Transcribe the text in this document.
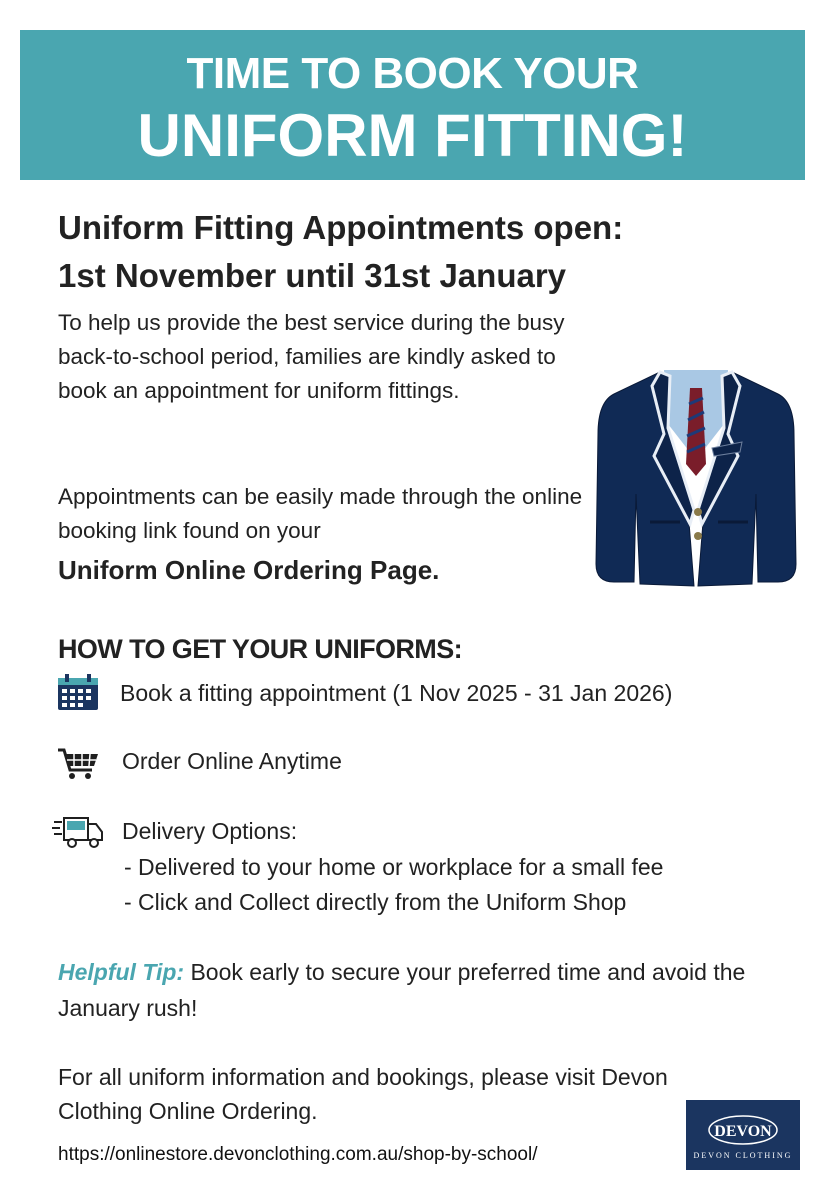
TIME TO BOOK YOUR
UNIFORM FITTING!
Uniform Fitting Appointments open:
1st November until 31st January
To help us provide the best service during the busy back-to-school period, families are kindly asked to book an appointment for uniform fittings.
Appointments can be easily made through the online booking link found on your
Uniform Online Ordering Page.
HOW TO GET YOUR UNIFORMS:
Book a fitting appointment (1 Nov 2025 - 31 Jan 2026)
Order Online Anytime
Delivery Options:
- Delivered to your home or workplace for a small fee
- Click and Collect directly from the Uniform Shop
Helpful Tip: Book early to secure your preferred time and avoid the January rush!
For all uniform information and bookings, please visit Devon Clothing Online Ordering.
https://onlinestore.devonclothing.com.au/shop-by-school/
DEVON
DEVON CLOTHING
